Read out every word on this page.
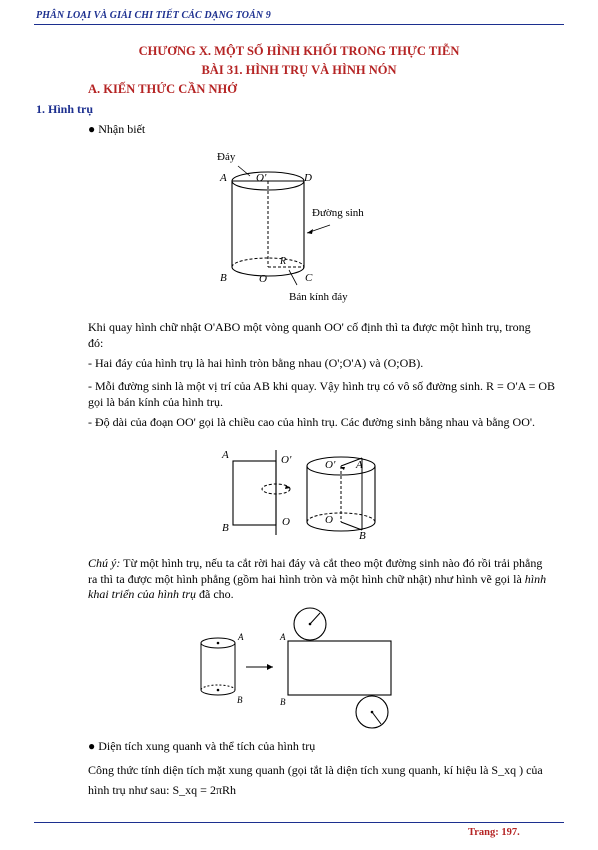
PHÂN LOẠI VÀ GIẢI CHI TIẾT CÁC DẠNG TOÁN 9
CHƯƠNG X. MỘT SỐ HÌNH KHỐI TRONG THỰC TIỄN
BÀI 31. HÌNH TRỤ VÀ HÌNH NÓN
A. KIẾN THỨC CẦN NHỚ
1. Hình trụ
● Nhận biết
Đáy
A	O'	D
Đường sinh
B	O
R
C
Bán kính đáy
Khi quay hình chữ nhật O'ABO một vòng quanh OO' cố định thì ta được một hình trụ, trong
đó:
- Hai đáy của hình trụ là hai hình tròn bằng nhau (O';O'A) và (O;OB).
- Mỗi đường sinh là một vị trí của AB khi quay. Vậy hình trụ có vô số đường sinh. R = O'A = OB
gọi là bán kính của hình trụ.
- Độ dài của đoạn OO' gọi là chiều cao của hình trụ. Các đường sinh bằng nhau và bằng OO'.
A	O'
B	O
O' A
O
B
Chú ý: Từ một hình trụ, nếu ta cắt rời hai đáy và cắt theo một đường sinh nào đó rồi trải phẳng
ra thì ta được một hình phẳng (gồm hai hình tròn và một hình chữ nhật) như hình vẽ gọi là hình
khai triển của hình trụ đã cho.
A
B
A
B
● Diện tích xung quanh và thể tích của hình trụ
Công thức tính diện tích mặt xung quanh (gọi tắt là diện tích xung quanh, kí hiệu là S_xq ) của
hình trụ như sau: S_xq = 2πRh
Trang: 197.
